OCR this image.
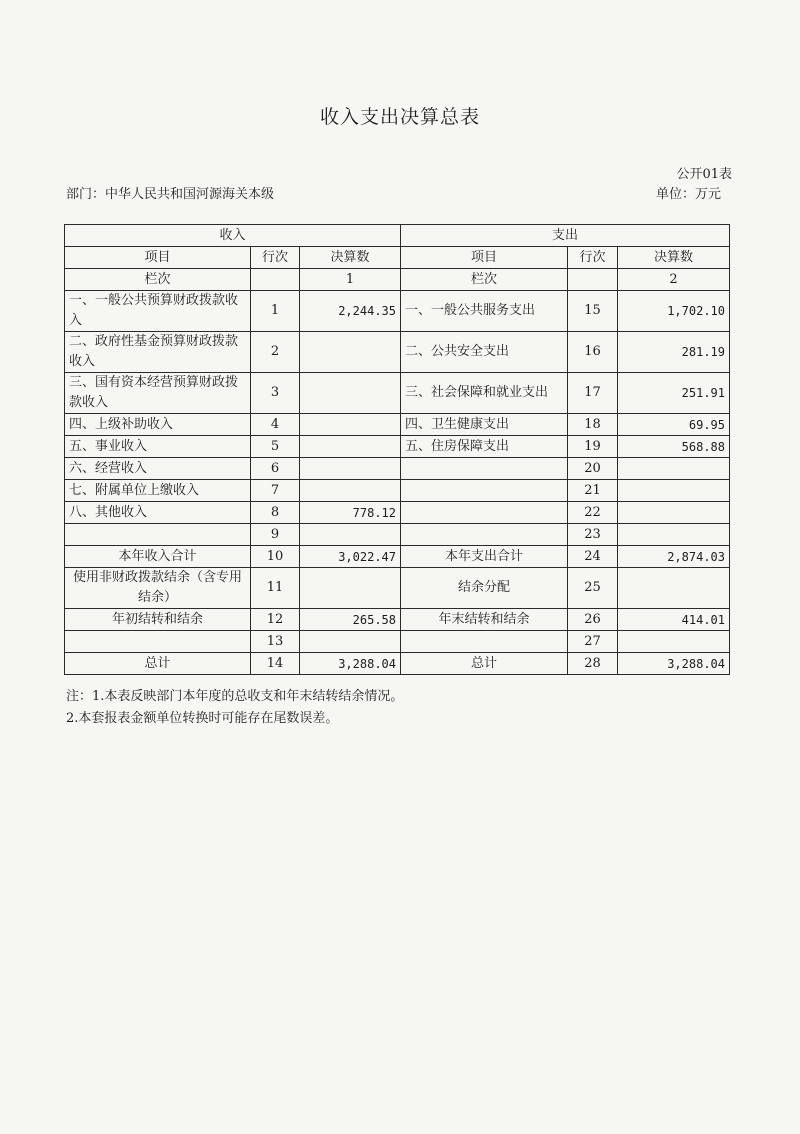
收入支出决算总表
公开01表
部门：中华人民共和国河源海关本级	单位：万元
收入			支出		
项目	行次	决算数	项目	行次	决算数
栏次		1	栏次		2
一、一般公共预算财政拨款收入	1	2,244.35	一、一般公共服务支出	15	1,702.10
二、政府性基金预算财政拨款收入	2		二、公共安全支出	16	281.19
三、国有资本经营预算财政拨款收入	3		三、社会保障和就业支出	17	251.91
四、上级补助收入	4		四、卫生健康支出	18	69.95
五、事业收入	5		五、住房保障支出	19	568.88
六、经营收入	6			20	
七、附属单位上缴收入	7			21	
八、其他收入	8	778.12		22	
	9			23	
本年收入合计	10	3,022.47	本年支出合计	24	2,874.03
使用非财政拨款结余（含专用结余）	11		结余分配	25	
年初结转和结余	12	265.58	年末结转和结余	26	414.01
	13			27	
总计	14	3,288.04	总计	28	3,288.04
注：1.本表反映部门本年度的总收支和年末结转结余情况。
2.本套报表金额单位转换时可能存在尾数误差。
